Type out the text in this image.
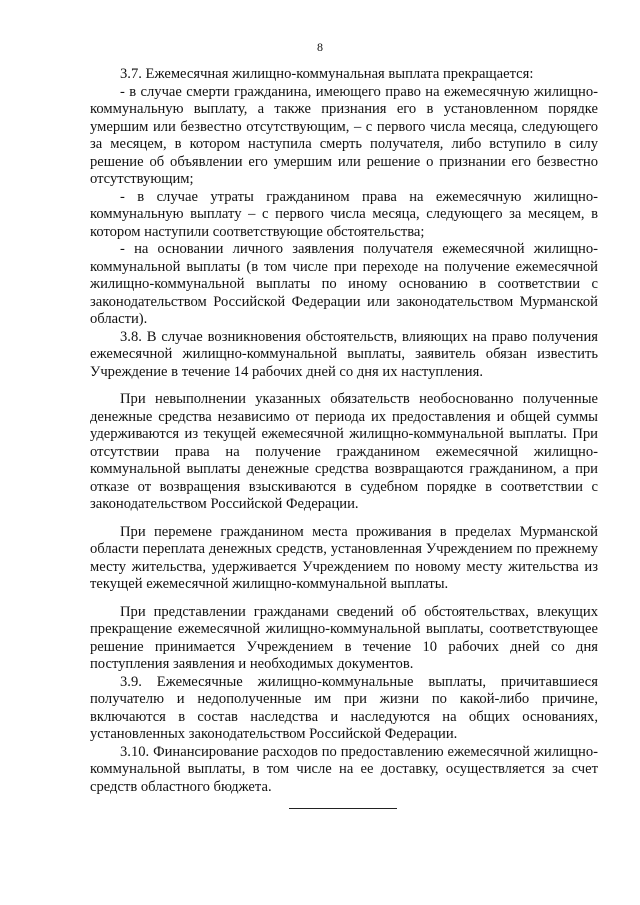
8

3.7. Ежемесячная жилищно-коммунальная выплата прекращается:

- в случае смерти гражданина, имеющего право на ежемесячную жилищно-коммунальную выплату, а также признания его в установленном порядке умершим или безвестно отсутствующим, – с первого числа месяца, следующего за месяцем, в котором наступила смерть получателя, либо вступило в силу решение об объявлении его умершим или решение о признании его безвестно отсутствующим;

- в случае утраты гражданином права на ежемесячную жилищно-коммунальную выплату – с первого числа месяца, следующего за месяцем, в котором наступили соответствующие обстоятельства;

- на основании личного заявления получателя ежемесячной жилищно-коммунальной выплаты (в том числе при переходе на получение ежемесячной жилищно-коммунальной выплаты по иному основанию в соответствии с законодательством Российской Федерации или законодательством Мурманской области).

3.8. В случае возникновения обстоятельств, влияющих на право получения ежемесячной жилищно-коммунальной выплаты, заявитель обязан известить Учреждение в течение 14 рабочих дней со дня их наступления.

При невыполнении указанных обязательств необоснованно полученные денежные средства независимо от периода их предоставления и общей суммы удерживаются из текущей ежемесячной жилищно-коммунальной выплаты. При отсутствии права на получение гражданином ежемесячной жилищно-коммунальной выплаты денежные средства возвращаются гражданином, а при отказе от возвращения взыскиваются в судебном порядке в соответствии с законодательством Российской Федерации.

При перемене гражданином места проживания в пределах Мурманской области переплата денежных средств, установленная Учреждением по прежнему месту жительства, удерживается Учреждением по новому месту жительства из текущей ежемесячной жилищно-коммунальной выплаты.

При представлении гражданами сведений об обстоятельствах, влекущих прекращение ежемесячной жилищно-коммунальной выплаты, соответствующее решение принимается Учреждением в течение 10 рабочих дней со дня поступления заявления и необходимых документов.

3.9. Ежемесячные жилищно-коммунальные выплаты, причитавшиеся получателю и недополученные им при жизни по какой-либо причине, включаются в состав наследства и наследуются на общих основаниях, установленных законодательством Российской Федерации.

3.10. Финансирование расходов по предоставлению ежемесячной жилищно-коммунальной выплаты, в том числе на ее доставку, осуществляется за счет средств областного бюджета.
